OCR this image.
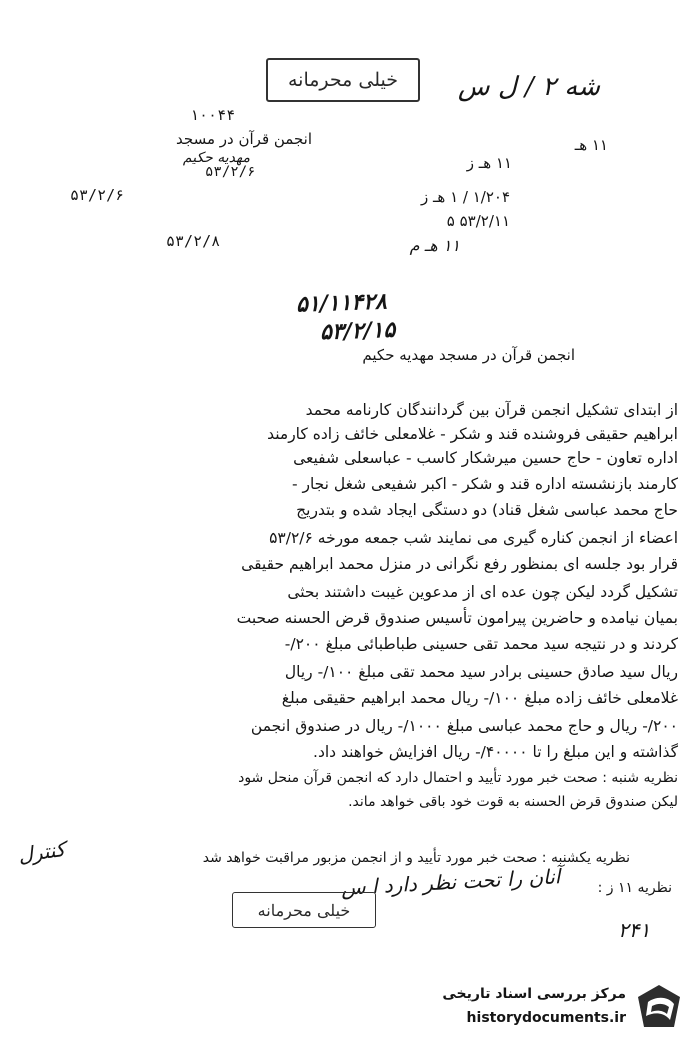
خیلی محرمانه شه ۲ / ل س
۱۰۰۴۴
انجمن قرآن در مسجد
مهدیه حکیم
۵۳/۲/۶
۱۱ هـ
۱۱ هـ ز
۵۳/۲/۶	۱/۲۰۴ / ۱ هـ ز
۵۳/۲/۱۱ ۵
۱۱ هـ م
۵۳/۲/۸
۵۱/۱۱۴۲۸
۵۳/۲/۱۵
انجمن قرآن در مسجد مهدیه حکیم
از ابتدای تشکیل انجمن قرآن بین گردانندگان کارنامه محمد
ابراهیم حقیقی فروشنده قند و شکر - غلامعلی خائف زاده کارمند
اداره تعاون - حاج حسین میرشکار کاسب - عباسعلی شفیعی
کارمند بازنشسته اداره قند و شکر - اکبر شفیعی شغل نجار -
حاج محمد عباسی شغل قناد) دو دستگی ایجاد شده و بتدریج
اعضاء از انجمن کناره گیری می نمایند شب جمعه مورخه ۵۳/۲/۶
قرار بود جلسه ای بمنظور رفع نگرانی در منزل محمد ابراهیم حقیقی
تشکیل گردد لیکن چون عده ای از مدعوین غیبت داشتند بحثی
بمیان نیامده و حاضرین پیرامون تأسیس صندوق قرض الحسنه صحبت
کردند و در نتیجه سید محمد تقی حسینی طباطبائی مبلغ ۲۰۰/-
ریال سید صادق حسینی برادر سید محمد تقی مبلغ ۱۰۰/- ریال
غلامعلی خائف زاده مبلغ ۱۰۰/- ریال محمد ابراهیم حقیقی مبلغ
۲۰۰/- ریال و حاج محمد عباسی مبلغ ۱۰۰۰/- ریال در صندوق انجمن
گذاشته و این مبلغ را تا ۴۰۰۰۰/- ریال افزایش خواهند داد.
نظریه شنبه : صحت خبر مورد تأیید و احتمال دارد که انجمن قرآن منحل شود
لیکن صندوق قرض الحسنه به قوت خود باقی خواهد ماند.
نظریه یکشنبه : صحت خبر مورد تأیید و از انجمن مزبور مراقبت خواهد شد
کنترل
نظریه ۱۱ ز :
آنان را تحت نظر دارد ا س
خیلی محرمانه
۲۴۱
مرکز بررسی اسناد تاریخی
historydocuments.ir
